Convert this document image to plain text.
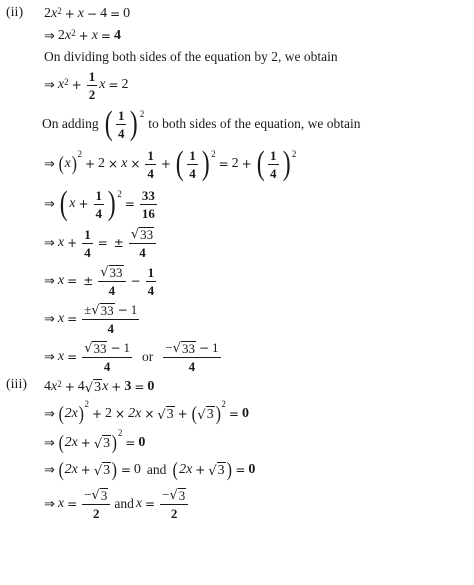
(ii) 2 $x^2 + x - 4 = 0$
⇒ 2 $x^2 + x = 4$
On dividing both sides of the equation by 2, we obtain
⇒ $x^2 + \frac{1}{2}$ x = 2
On adding ( $\frac{1}{4} )^2$
to both sides of the equation, we obtain
⇒ ( x )$^2$
+ $2 \times x \times \frac{1}{4}$ + ( $\frac{1}{4} )^2$
= 2 + ( $\frac{1}{4} )^2$
⇒ ( $x + \frac{1}{4} )^2$
= $\frac{33}{16}$
⇒ $x + \frac{1}{4}$ = ± $\frac{√ 33}{4}$
⇒ x = ± $\frac{√ 33}{4} - \frac{1}{4}$
⇒ $x = \frac{\pm √ 33 - 1}{4}$
⇒ $x = \frac{√ 33 - 1}{4}$ or $\frac{- √ 33 - 1}{4}$
(iii) 4 $x^2 + 4$ √ 3 x + 3 = 0
⇒ ( 2x )$^2$
+ 2 × 2x × √ 3 + ( √ 3 )$^2$
= 0
⇒ ( 2x + √ 3 )$^2$
= 0
⇒ ( 2x + √ 3 ) = 0 and ( 2x + √ 3 ) = 0
⇒ $x = \frac{- √ 3}{2}$ and $x = \frac{- √ 3}{2}$
